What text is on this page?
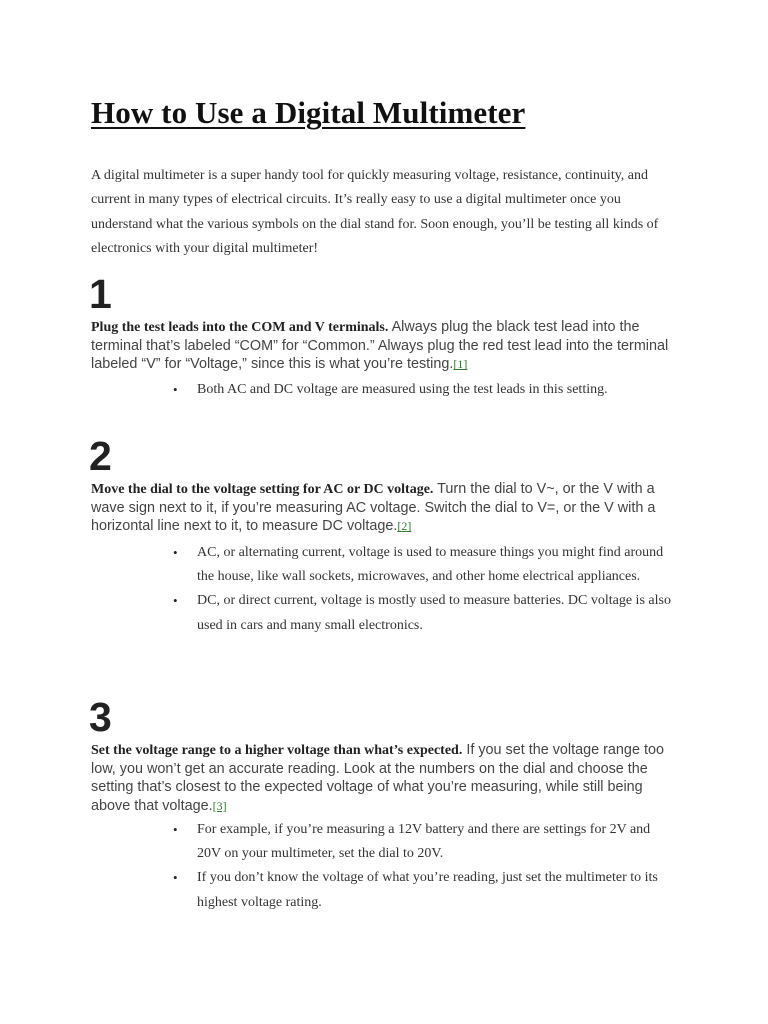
How to Use a Digital Multimeter

A digital multimeter is a super handy tool for quickly measuring voltage, resistance, continuity, and current in many types of electrical circuits. It’s really easy to use a digital multimeter once you understand what the various symbols on the dial stand for. Soon enough, you’ll be testing all kinds of electronics with your digital multimeter!

1

Plug the test leads into the COM and V terminals. Always plug the black test lead into the terminal that’s labeled “COM” for “Common.” Always plug the red test lead into the terminal labeled “V” for “Voltage,” since this is what you’re testing.[1]

• Both AC and DC voltage are measured using the test leads in this setting.
2

Move the dial to the voltage setting for AC or DC voltage. Turn the dial to V~, or the V with a wave sign next to it, if you’re measuring AC voltage. Switch the dial to V=, or the V with a horizontal line next to it, to measure DC voltage.[2]

• AC, or alternating current, voltage is used to measure things you might find around the house, like wall sockets, microwaves, and other home electrical appliances.
• DC, or direct current, voltage is mostly used to measure batteries. DC voltage is also used in cars and many small electronics.
3

Set the voltage range to a higher voltage than what’s expected. If you set the voltage range too low, you won’t get an accurate reading. Look at the numbers on the dial and choose the setting that’s closest to the expected voltage of what you’re measuring, while still being above that voltage.[3]

• For example, if you’re measuring a 12V battery and there are settings for 2V and 20V on your multimeter, set the dial to 20V.
• If you don’t know the voltage of what you’re reading, just set the multimeter to its highest voltage rating.
